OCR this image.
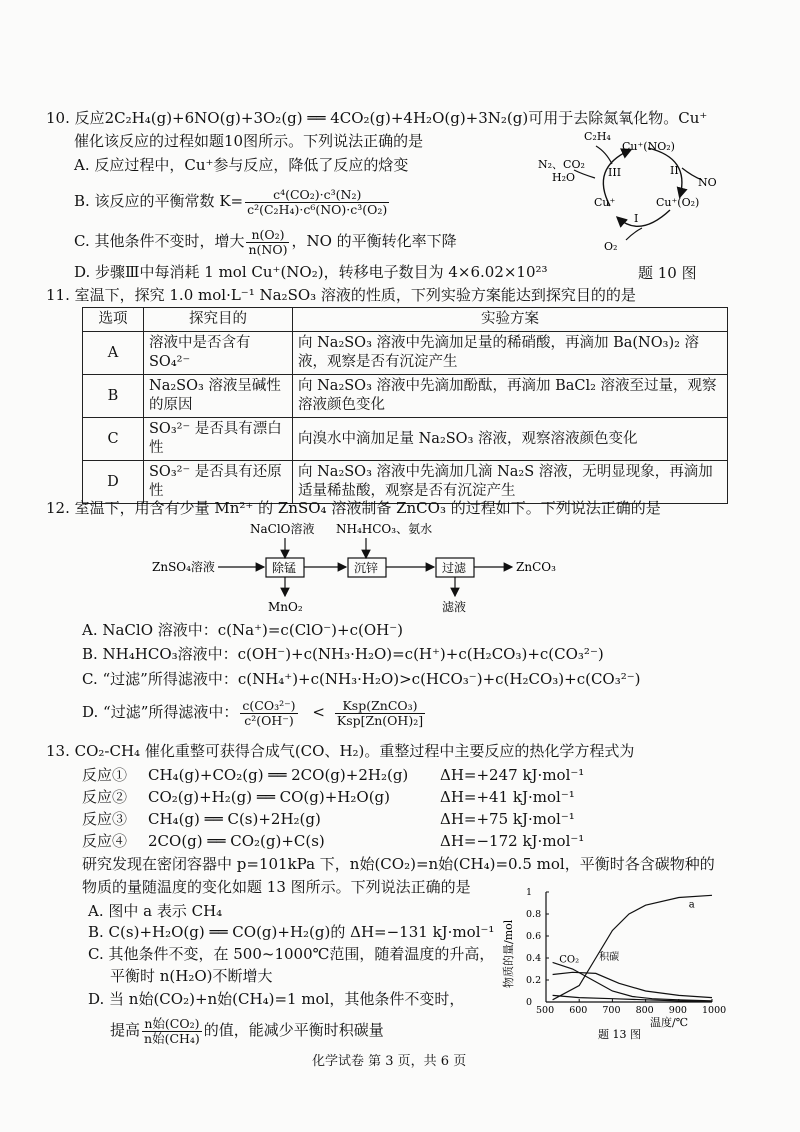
10. 反应2C₂H₄(g)+6NO(g)+3O₂(g) ══ 4CO₂(g)+4H₂O(g)+3N₂(g)可用于去除氮氧化物。Cu⁺
催化该反应的过程如题10图所示。下列说法正确的是
A. 反应过程中，Cu⁺参与反应，降低了反应的焓变
B. 该反应的平衡常数 $K= \frac{\text{c⁴(CO₂)·c³(N₂)}}{\text{c²(C₂H₄)·c⁶(NO)·c³(O₂)}}$
C. 其他条件不变时，增大 $\frac{\text{n(O₂)}}{n(NO)}$ ，NO 的平衡转化率下降
D. 步骤Ⅲ中每消耗 1 mol Cu⁺(NO₂)，转移电子数目为 4×6.02×10²³	题 10 图
C₂H₄
Cu⁺(NO₂)
N₂、CO₂
H₂O	III	II
I
NO
Cu⁺	Cu⁺(O₂)
O₂
11. 室温下，探究 1.0 mol·L⁻¹ Na₂SO₃ 溶液的性质，下列实验方案能达到探究目的的是
选项	探究目的	实验方案
A	溶液中是否含有 SO₄²⁻	向 Na₂SO₃ 溶液中先滴加足量的稀硝酸，再滴加 Ba(NO₃)₂ 溶液，观察是否有沉淀产生
B	Na₂SO₃ 溶液呈碱性的原因	向 Na₂SO₃ 溶液中先滴加酚酞，再滴加 BaCl₂ 溶液至过量，观察溶液颜色变化
C	SO₃²⁻ 是否具有漂白性	向溴水中滴加足量 Na₂SO₃ 溶液，观察溶液颜色变化
D	SO₃²⁻ 是否具有还原性	向 Na₂SO₃ 溶液中先滴加几滴 Na₂S 溶液，无明显现象，再滴加适量稀盐酸，观察是否有沉淀产生
12. 室温下，用含有少量 Mn²⁺ 的 ZnSO₄ 溶液制备 ZnCO₃ 的过程如下。下列说法正确的是
NaClO溶液 NH₄HCO₃、氨水
ZnSO₄溶液	除锰	沉锌	过滤	ZnCO₃
MnO₂	滤液
A. NaClO 溶液中：c(Na⁺)=c(ClO⁻)+c(OH⁻)
B. NH₄HCO₃溶液中：c(OH⁻)+c(NH₃·H₂O)=c(H⁺)+c(H₂CO₃)+c(CO₃²⁻)
C. “过滤”所得滤液中：c(NH₄⁺)+c(NH₃·H₂O)>c(HCO₃⁻)+c(H₂CO₃)+c(CO₃²⁻)
D. “过滤”所得滤液中： $\frac{\text{c(CO₃²⁻)}}{\text{c²(OH⁻)}} < \frac{\text{Ksp(ZnCO₃)}}{\text{Ksp[Zn(OH)₂]}}$
13. CO₂-CH₄ 催化重整可获得合成气(CO、H₂)。重整过程中主要反应的热化学方程式为
反应① CH₄(g)+CO₂(g) ══ 2CO(g)+2H₂(g) ΔH=+247 kJ·mol⁻¹
反应② CO₂(g)+H₂(g) ══ CO(g)+H₂O(g)	ΔH=+41 kJ·mol⁻¹
反应③ CH₄(g) ══ C(s)+2H₂(g)	ΔH=+75 kJ·mol⁻¹
反应④ 2CO(g) ══ CO₂(g)+C(s)	ΔH=−172 kJ·mol⁻¹
研究发现在密闭容器中 p=101kPa 下，n始(CO₂)=n始(CH₄)=0.5 mol，平衡时各含碳物种的
物质的量随温度的变化如题 13 图所示。下列说法正确的是
A. 图中 a 表示 CH₄
B. C(s)+H₂O(g) ══ CO(g)+H₂(g)的 ΔH=−131 kJ·mol⁻¹
C. 其他条件不变，在 500~1000℃范围，随着温度的升高，
平衡时 n(H₂O)不断增大
D. 当 n始(CO₂)+n始(CH₄)=1 mol，其他条件不变时，
提高 $\frac{\text{n始(CO₂)}}{\text{n始(CH₄)}}$ 的值，能减少平衡时积碳量
500 600 700 800 900 1000
0
0.2
0.4
0.6
0.8
1
a
CO₂ 积碳
物质的量/mol
温度/℃
题 13 图
化学试卷 第 3 页，共 6 页
